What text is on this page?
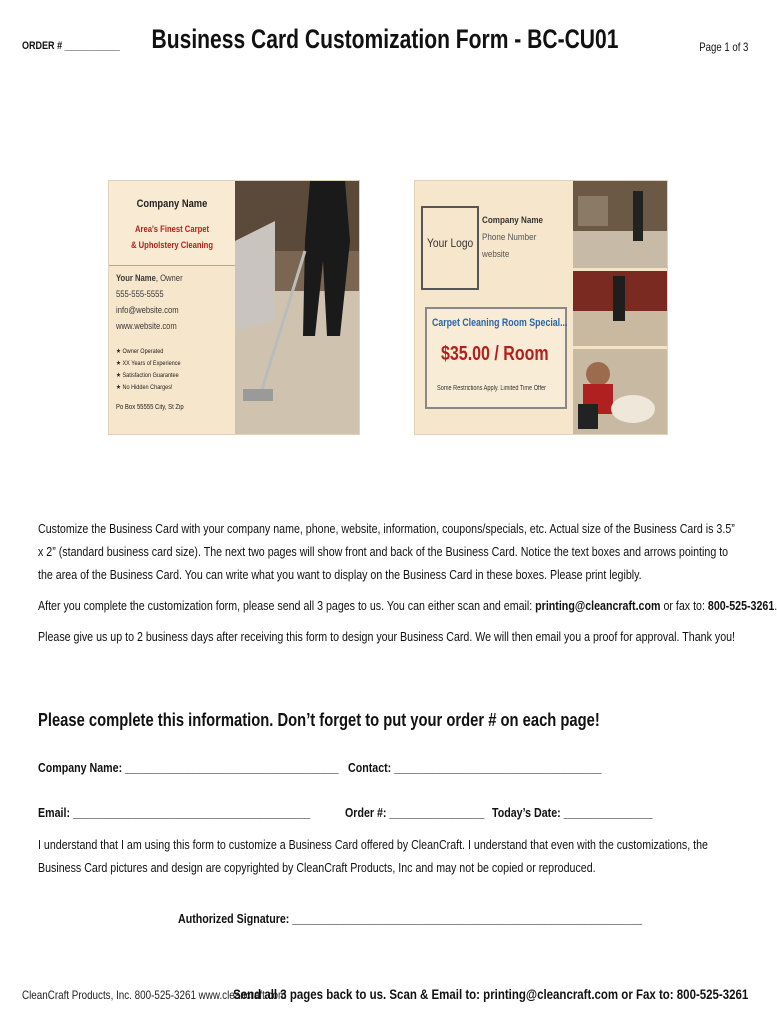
ORDER # ___________	Business Card Customization Form - BC-CU01	Page 1 of 3
Company Name
Area's Finest Carpet
& Upholstery Cleaning
Your Name, Owner
555-555-5555
info@website.com
www.website.com
★ Owner Operated
★ XX Years of Experience
★ Satisfaction Guarantee
★ No Hidden Charges!
Po Box 55555 City, St Zip
Your Logo
Company Name
Phone Number
website
Carpet Cleaning Room Special...
$35.00 / Room
Some Restrictions Apply. Limited Time Offer
Customize the Business Card with your company name, phone, website, information, coupons/specials, etc. Actual size of the Business Card is 3.5” x 2” (standard business card size). The next two pages will show front and back of the Business Card. Notice the text boxes and arrows pointing to the area of the Business Card. You can write what you want to display on the Business Card in these boxes. Please print legibly.
After you complete the customization form, please send all 3 pages to us. You can either scan and email: printing@cleancraft.com or fax to: 800-525-3261.
Please give us up to 2 business days after receiving this form to design your Business Card. We will then email you a proof for approval. Thank you!
Please complete this information. Don’t forget to put your order # on each page!
Company Name: ____________________________________ Contact: ___________________________________
Email: ________________________________________	Order #: ________________ Today’s Date: _______________
I understand that I am using this form to customize a Business Card offered by CleanCraft. I understand that even with the customizations, the Business Card pictures and design are copyrighted by CleanCraft Products, Inc and may not be copied or reproduced.
Authorized Signature: ___________________________________________________________
CleanCraft Products, Inc. 800-525-3261 www.cleancraft.com
Send all 3 pages back to us. Scan & Email to: printing@cleancraft.com or Fax to: 800-525-3261
